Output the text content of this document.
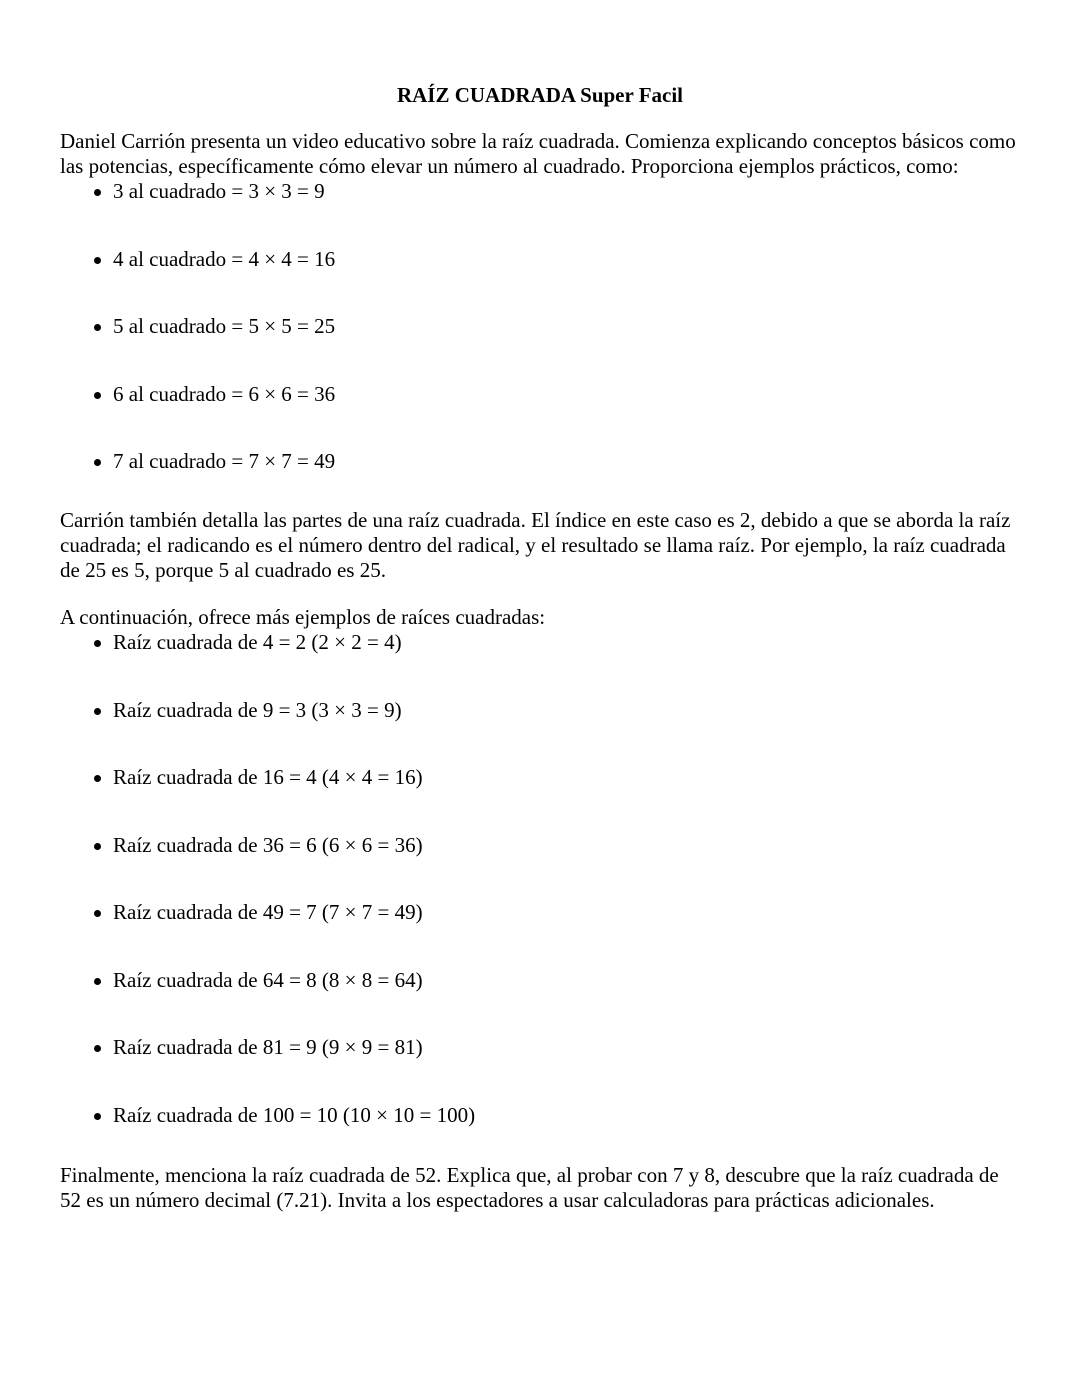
RAÍZ CUADRADA Super Facil

Daniel Carrión presenta un video educativo sobre la raíz cuadrada. Comienza explicando conceptos básicos como las potencias, específicamente cómo elevar un número al cuadrado. Proporciona ejemplos prácticos, como:

3 al cuadrado = 3 × 3 = 9
4 al cuadrado = 4 × 4 = 16
5 al cuadrado = 5 × 5 = 25
6 al cuadrado = 6 × 6 = 36
7 al cuadrado = 7 × 7 = 49

Carrión también detalla las partes de una raíz cuadrada. El índice en este caso es 2, debido a que se aborda la raíz cuadrada; el radicando es el número dentro del radical, y el resultado se llama raíz. Por ejemplo, la raíz cuadrada de 25 es 5, porque 5 al cuadrado es 25.

A continuación, ofrece más ejemplos de raíces cuadradas:

Raíz cuadrada de 4 = 2 (2 × 2 = 4)
Raíz cuadrada de 9 = 3 (3 × 3 = 9)
Raíz cuadrada de 16 = 4 (4 × 4 = 16)
Raíz cuadrada de 36 = 6 (6 × 6 = 36)
Raíz cuadrada de 49 = 7 (7 × 7 = 49)
Raíz cuadrada de 64 = 8 (8 × 8 = 64)
Raíz cuadrada de 81 = 9 (9 × 9 = 81)
Raíz cuadrada de 100 = 10 (10 × 10 = 100)

Finalmente, menciona la raíz cuadrada de 52. Explica que, al probar con 7 y 8, descubre que la raíz cuadrada de 52 es un número decimal (7.21). Invita a los espectadores a usar calculadoras para prácticas adicionales.
